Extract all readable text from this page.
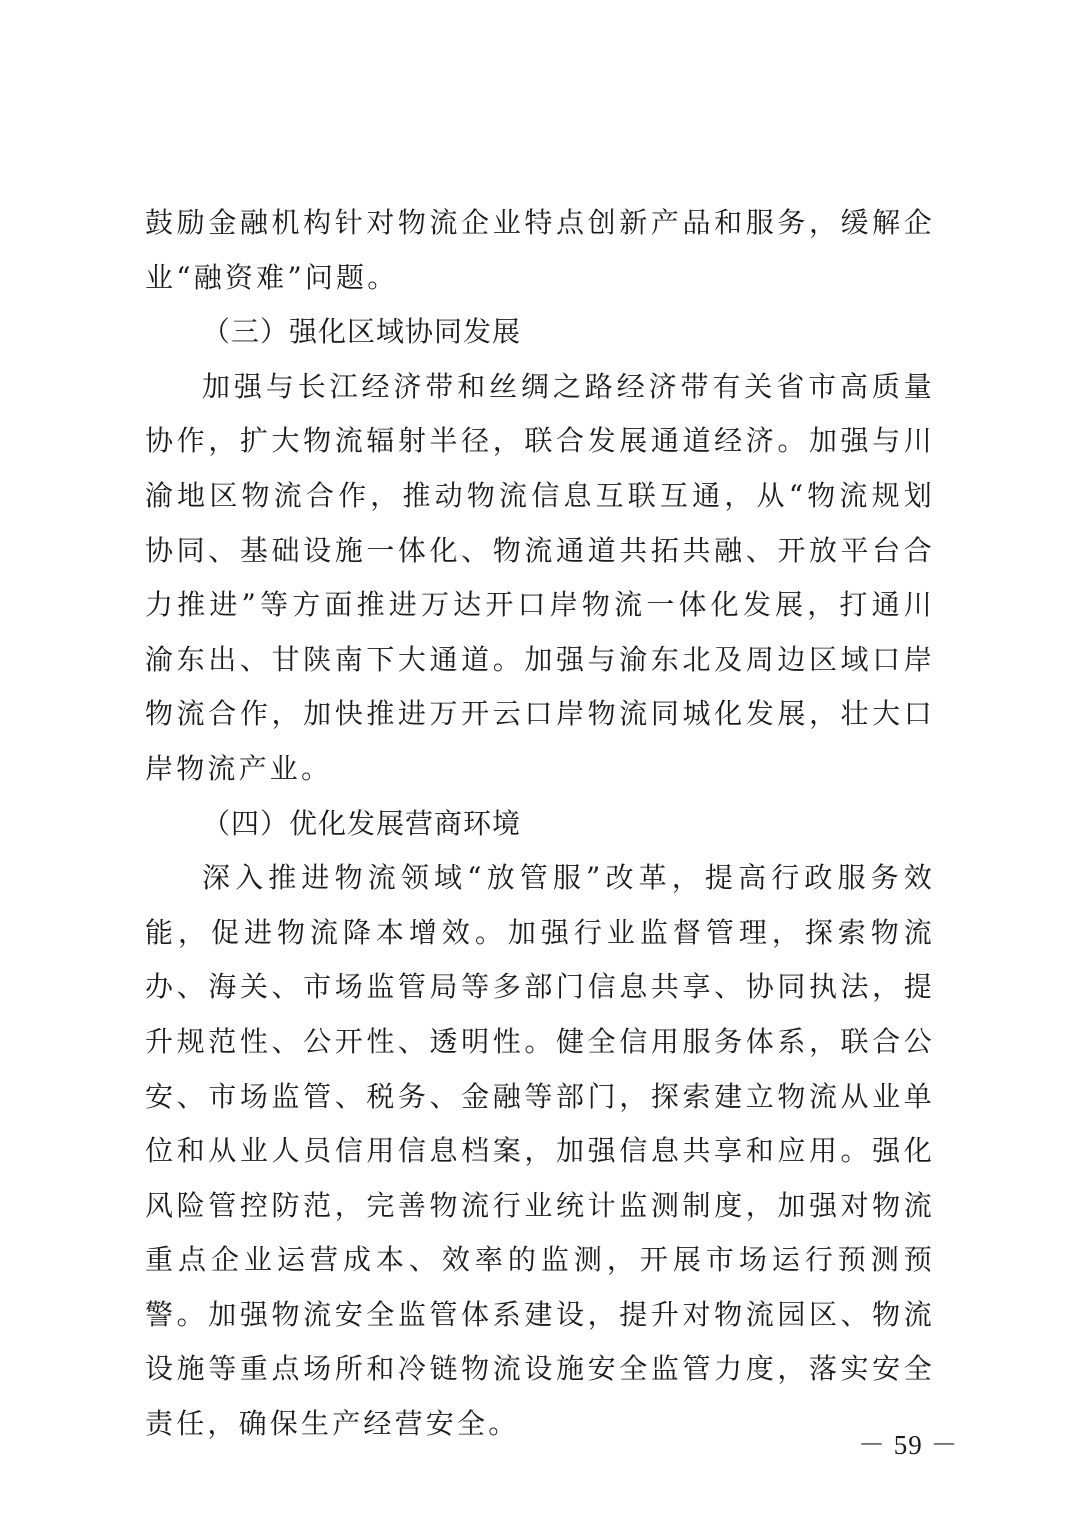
鼓励金融机构针对物流企业特点创新产品和服务，缓解企业“融资难”问题。

（三）强化区域协同发展

加强与长江经济带和丝绸之路经济带有关省市高质量协作，扩大物流辐射半径，联合发展通道经济。加强与川渝地区物流合作，推动物流信息互联互通，从“物流规划协同、基础设施一体化、物流通道共拓共融、开放平台合力推进”等方面推进万达开口岸物流一体化发展，打通川渝东出、甘陕南下大通道。加强与渝东北及周边区域口岸物流合作，加快推进万开云口岸物流同城化发展，壮大口岸物流产业。

（四）优化发展营商环境

深入推进物流领域“放管服”改革，提高行政服务效能，促进物流降本增效。加强行业监督管理，探索物流办、海关、市场监管局等多部门信息共享、协同执法，提升规范性、公开性、透明性。健全信用服务体系，联合公安、市场监管、税务、金融等部门，探索建立物流从业单位和从业人员信用信息档案，加强信息共享和应用。强化风险管控防范，完善物流行业统计监测制度，加强对物流重点企业运营成本、效率的监测，开展市场运行预测预警。加强物流安全监管体系建设，提升对物流园区、物流设施等重点场所和冷链物流设施安全监管力度，落实安全责任，确保生产经营安全。

－ 59 －
